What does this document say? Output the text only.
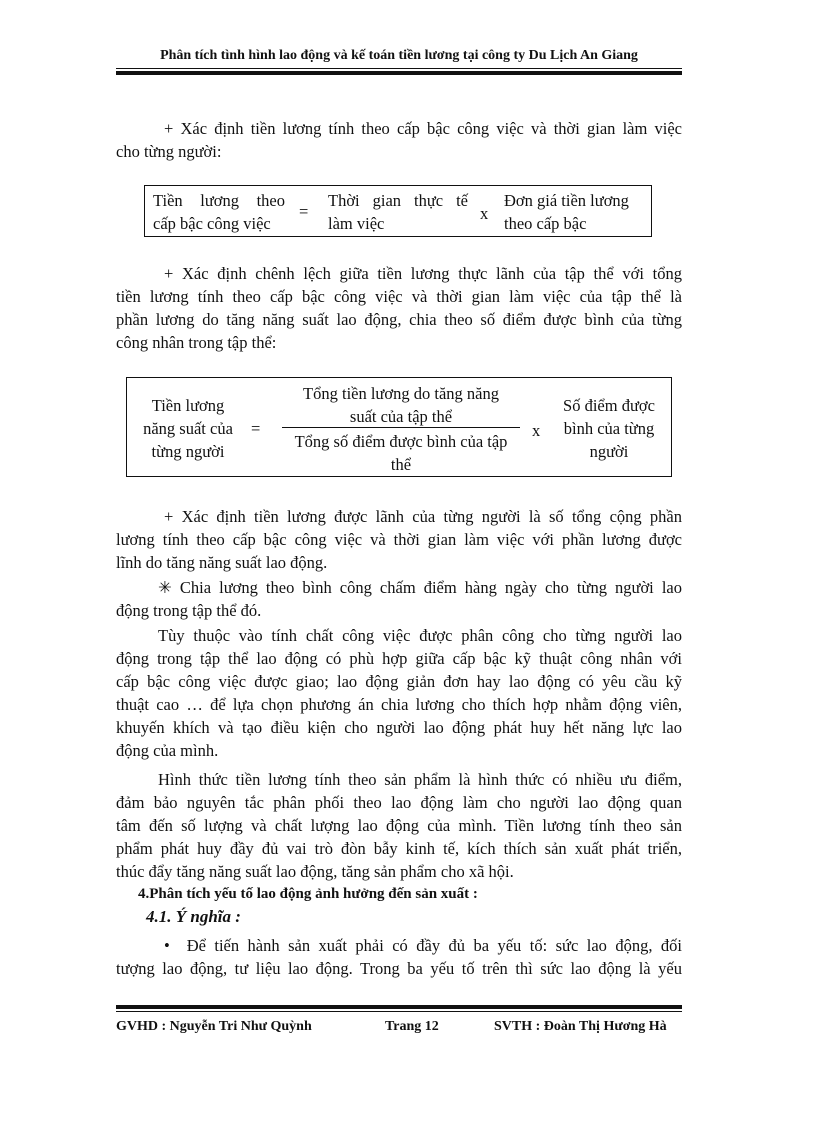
Phân tích tình hình lao động và kế toán tiền lương tại công ty Du Lịch An Giang
+ Xác định tiền lương tính theo cấp bậc công việc và thời gian làm việc
cho từng người:
Tiền lương theo
cấp bậc công việc
=
Thời gian thực tế
làm việc
x
Đơn giá tiền lương
theo cấp bậc
+ Xác định chênh lệch giữa tiền lương thực lãnh của tập thể với tổng
tiền lương tính theo cấp bậc công việc và thời gian làm việc của tập thể là
phần lương do tăng năng suất lao động, chia theo số điểm được bình của từng
công nhân trong tập thể:
Tiền lương
năng suất của
từng người
=
Tổng tiền lương do tăng năng
suất của tập thể
Tổng số điểm được bình của tập
thể
x
Số điểm được
bình của từng
người
+ Xác định tiền lương được lãnh của từng người là số tổng cộng phần
lương tính theo cấp bậc công việc và thời gian làm việc với phần lương được
lĩnh do tăng năng suất lao động.
✳ Chia lương theo bình công chấm điểm hàng ngày cho từng người lao
động trong tập thể đó.
Tùy thuộc vào tính chất công việc được phân công cho từng người lao
động trong tập thể lao động có phù hợp giữa cấp bậc kỹ thuật công nhân với
cấp bậc công việc được giao; lao động giản đơn hay lao động có yêu cầu kỹ
thuật cao … để lựa chọn phương án chia lương cho thích hợp nhằm động viên,
khuyến khích và tạo điều kiện cho người lao động phát huy hết năng lực lao
động của mình.
Hình thức tiền lương tính theo sản phẩm là hình thức có nhiều ưu điểm,
đảm bảo nguyên tắc phân phối theo lao động làm cho người lao động quan
tâm đến số lượng và chất lượng lao động của mình. Tiền lương tính theo sản
phẩm phát huy đầy đủ vai trò đòn bẫy kinh tế, kích thích sản xuất phát triển,
thúc đẩy tăng năng suất lao động, tăng sản phẩm cho xã hội.
4.Phân tích yếu tố lao động ảnh hưởng đến sản xuất :
4.1. Ý nghĩa :
• Để tiến hành sản xuất phải có đầy đủ ba yếu tố: sức lao động, đối
tượng lao động, tư liệu lao động. Trong ba yếu tố trên thì sức lao động là yếu
GVHD : Nguyễn Tri Như Quỳnh	Trang 12	SVTH : Đoàn Thị Hương Hà
